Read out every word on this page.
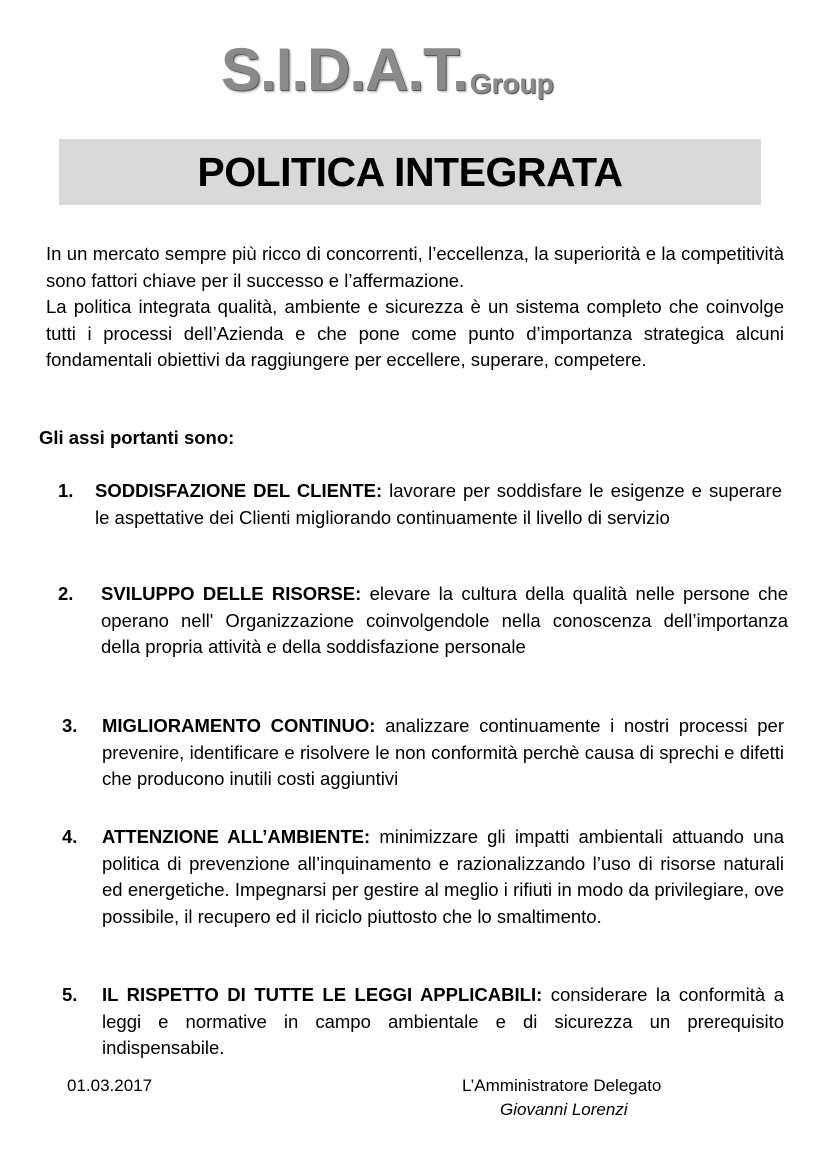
S.I.D.A.T. Group
POLITICA INTEGRATA

In un mercato sempre più ricco di concorrenti, l’eccellenza, la superiorità e la competitività sono fattori chiave per il successo e l’affermazione.

La politica integrata qualità, ambiente e sicurezza è un sistema completo che coinvolge tutti i processi dell’Azienda e che pone come punto d’importanza strategica alcuni fondamentali obiettivi da raggiungere per eccellere, superare, competere.

Gli assi portanti sono:
1. SODDISFAZIONE DEL CLIENTE: lavorare per soddisfare le esigenze e superare le aspettative dei Clienti migliorando continuamente il livello di servizio
2. SVILUPPO DELLE RISORSE: elevare la cultura della qualità nelle persone che operano nell' Organizzazione coinvolgendole nella conoscenza dell’importanza della propria attività e della soddisfazione personale
3. MIGLIORAMENTO CONTINUO: analizzare continuamente i nostri processi per prevenire, identificare e risolvere le non conformità perchè causa di sprechi e difetti che producono inutili costi aggiuntivi
4. ATTENZIONE ALL’AMBIENTE: minimizzare gli impatti ambientali attuando una politica di prevenzione all’inquinamento e razionalizzando l’uso di risorse naturali ed energetiche. Impegnarsi per gestire al meglio i rifiuti in modo da privilegiare, ove possibile, il recupero ed il riciclo piuttosto che lo smaltimento.
5. IL RISPETTO DI TUTTE LE LEGGI APPLICABILI: considerare la conformità a leggi e normative in campo ambientale e di sicurezza un prerequisito indispensabile.
01.03.2017	L’Amministratore Delegato
Giovanni Lorenzi
